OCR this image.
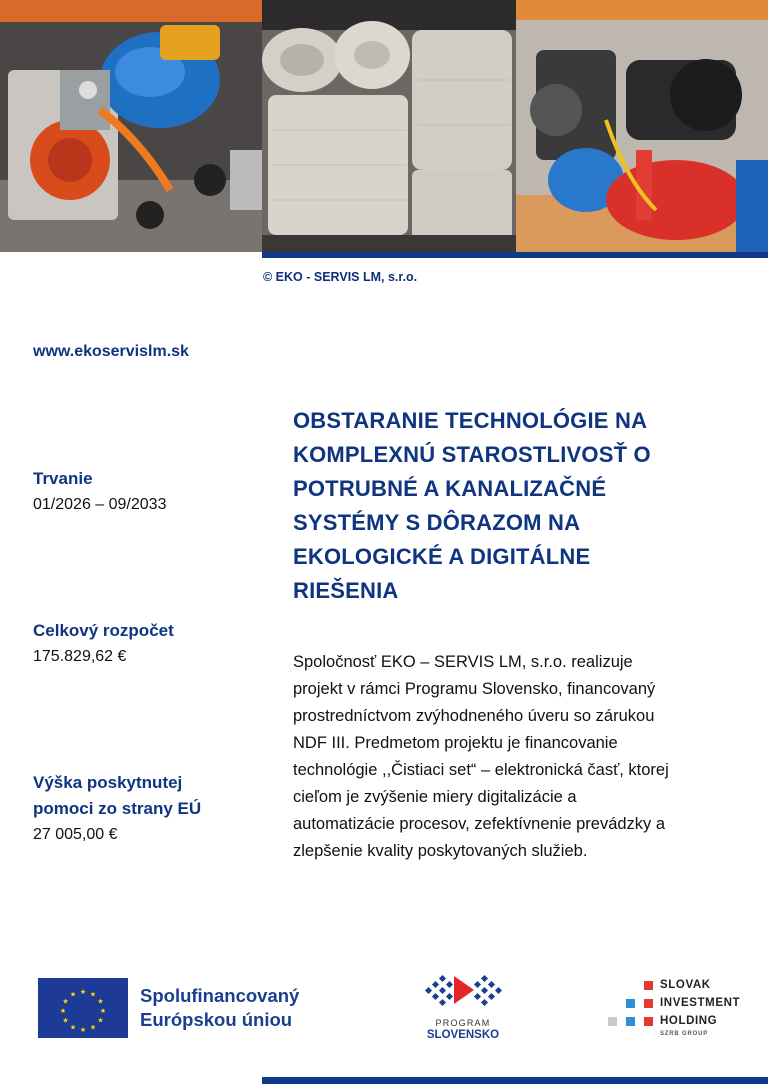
© EKO - SERVIS LM, s.r.o.
www.ekoservislm.sk
Trvanie
01/2026 – 09/2033
Celkový rozpočet
175.829,62 €
Výška poskytnutej
pomoci zo strany EÚ
27 005,00 €
OBSTARANIE TECHNOLÓGIE NA
KOMPLEXNÚ STAROSTLIVOSŤ O
POTRUBNÉ A KANALIZAČNÉ
SYSTÉMY S DÔRAZOM NA
EKOLOGICKÉ A DIGITÁLNE
RIEŠENIA
Spoločnosť EKO – SERVIS LM, s.r.o. realizuje
projekt v rámci Programu Slovensko, financovaný
prostredníctvom zvýhodneného úveru so zárukou
NDF III. Predmetom projektu je financovanie
technológie ,,Čistiaci set“ – elektronická časť, ktorej
cieľom je zvýšenie miery digitalizácie a
automatizácie procesov, zefektívnenie prevádzky a
zlepšenie kvality poskytovaných služieb.
★ ★
★
★
★
★
★
★
★
★
★
★	Spolufinancovaný
Európskou úniou	PROGRAM
SLOVENSKO
SLOVAK
INVESTMENT
HOLDING
SZRB GROUP
